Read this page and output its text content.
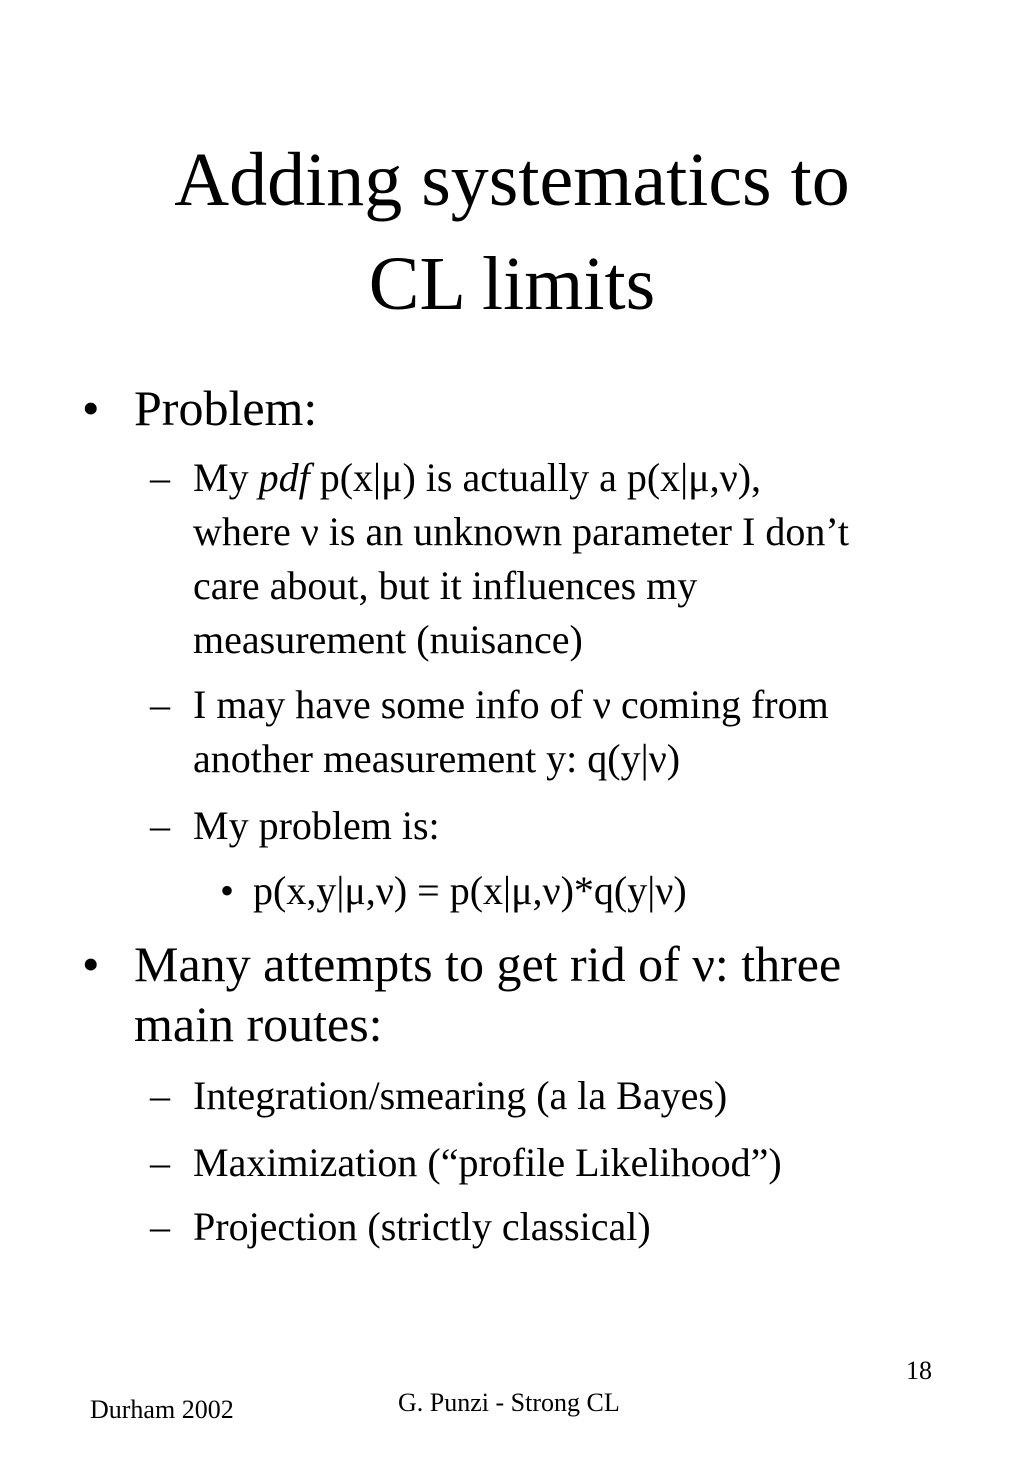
Adding systematics to
CL limits
• Problem:
– My pdf p(x|μ) is actually a p(x|μ,ν),
where ν is an unknown parameter I don’t
care about, but it influences my
measurement (nuisance)
– I may have some info of ν coming from
another measurement y: q(y|ν)
– My problem is:
• p(x,y|μ,ν) = p(x|μ,ν)*q(y|ν)
• Many attempts to get rid of ν: three
main routes:
– Integration/smearing (a la Bayes)
– Maximization (“profile Likelihood”)
– Projection (strictly classical)
18
Durham 2002	G. Punzi - Strong CL
